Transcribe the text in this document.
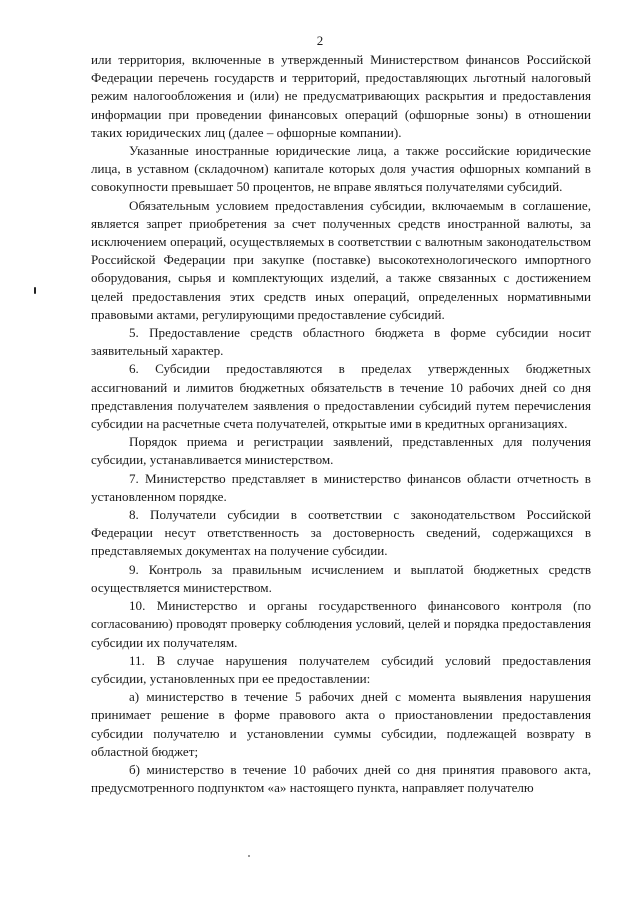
2

или территория, включенные в утвержденный Министерством финансов Российской Федерации перечень государств и территорий, предоставляющих льготный налоговый режим налогообложения и (или) не предусматривающих раскрытия и предоставления информации при проведении финансовых операций (офшорные зоны) в отношении таких юридических лиц (далее – офшорные компании).

Указанные иностранные юридические лица, а также российские юридические лица, в уставном (складочном) капитале которых доля участия офшорных компаний в совокупности превышает 50 процентов, не вправе являться получателями субсидий.

Обязательным условием предоставления субсидии, включаемым в соглашение, является запрет приобретения за счет полученных средств иностранной валюты, за исключением операций, осуществляемых в соответствии с валютным законодательством Российской Федерации при закупке (поставке) высокотехнологического импортного оборудования, сырья и комплектующих изделий, а также связанных с достижением целей предоставления этих средств иных операций, определенных нормативными правовыми актами, регулирующими предоставление субсидий.

5. Предоставление средств областного бюджета в форме субсидии носит заявительный характер.

6. Субсидии предоставляются в пределах утвержденных бюджетных ассигнований и лимитов бюджетных обязательств в течение 10 рабочих дней со дня представления получателем заявления о предоставлении субсидий путем перечисления субсидии на расчетные счета получателей, открытые ими в кредитных организациях.

Порядок приема и регистрации заявлений, представленных для получения субсидии, устанавливается министерством.

7. Министерство представляет в министерство финансов области отчетность в установленном порядке.

8. Получатели субсидии в соответствии с законодательством Российской Федерации несут ответственность за достоверность сведений, содержащихся в представляемых документах на получение субсидии.

9. Контроль за правильным исчислением и выплатой бюджетных средств осуществляется министерством.

10. Министерство и органы государственного финансового контроля (по согласованию) проводят проверку соблюдения условий, целей и порядка предоставления субсидии их получателям.

11. В случае нарушения получателем субсидий условий предоставления субсидии, установленных при ее предоставлении:

а) министерство в течение 5 рабочих дней с момента выявления нарушения принимает решение в форме правового акта о приостановлении предоставления субсидии получателю и установлении суммы субсидии, подлежащей возврату в областной бюджет;

б) министерство в течение 10 рабочих дней со дня принятия правового акта, предусмотренного подпунктом «а» настоящего пункта, направляет получателю
